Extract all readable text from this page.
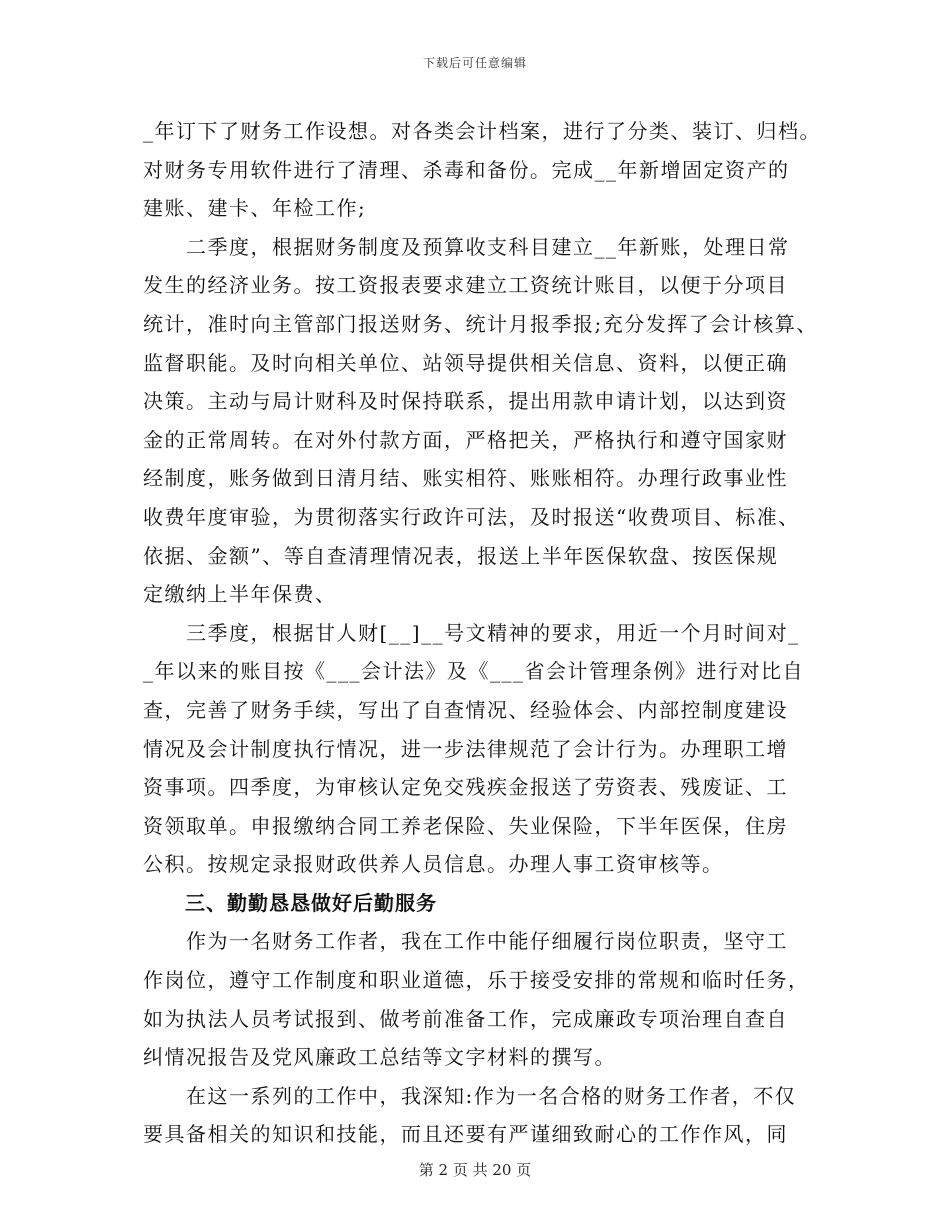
下载后可任意编辑
_年订下了财务工作设想。对各类会计档案，进行了分类、装订、归档。
对财务专用软件进行了清理、杀毒和备份。完成__年新增固定资产的
建账、建卡、年检工作;
　　二季度，根据财务制度及预算收支科目建立__年新账，处理日常
发生的经济业务。按工资报表要求建立工资统计账目，以便于分项目
统计，准时向主管部门报送财务、统计月报季报;充分发挥了会计核算、
监督职能。及时向相关单位、站领导提供相关信息、资料，以便正确
决策。主动与局计财科及时保持联系，提出用款申请计划，以达到资
金的正常周转。在对外付款方面，严格把关，严格执行和遵守国家财
经制度，账务做到日清月结、账实相符、账账相符。办理行政事业性
收费年度审验，为贯彻落实行政许可法，及时报送“收费项目、标准、
依据、金额”、等自查清理情况表，报送上半年医保软盘、按医保规
定缴纳上半年保费、
　　三季度，根据甘人财[__]__号文精神的要求，用近一个月时间对_
_年以来的账目按《___会计法》及《___省会计管理条例》进行对比自
查，完善了财务手续，写出了自查情况、经验体会、内部控制度建设
情况及会计制度执行情况，进一步法律规范了会计行为。办理职工增
资事项。四季度，为审核认定免交残疾金报送了劳资表、残废证、工
资领取单。申报缴纳合同工养老保险、失业保险，下半年医保，住房
公积。按规定录报财政供养人员信息。办理人事工资审核等。
　　三、勤勤恳恳做好后勤服务
　　作为一名财务工作者，我在工作中能仔细履行岗位职责，坚守工
作岗位，遵守工作制度和职业道德，乐于接受安排的常规和临时任务，
如为执法人员考试报到、做考前准备工作，完成廉政专项治理自查自
纠情况报告及党风廉政工总结等文字材料的撰写。
　　在这一系列的工作中，我深知:作为一名合格的财务工作者，不仅
要具备相关的知识和技能，而且还要有严谨细致耐心的工作作风，同
第 2 页 共 20 页
